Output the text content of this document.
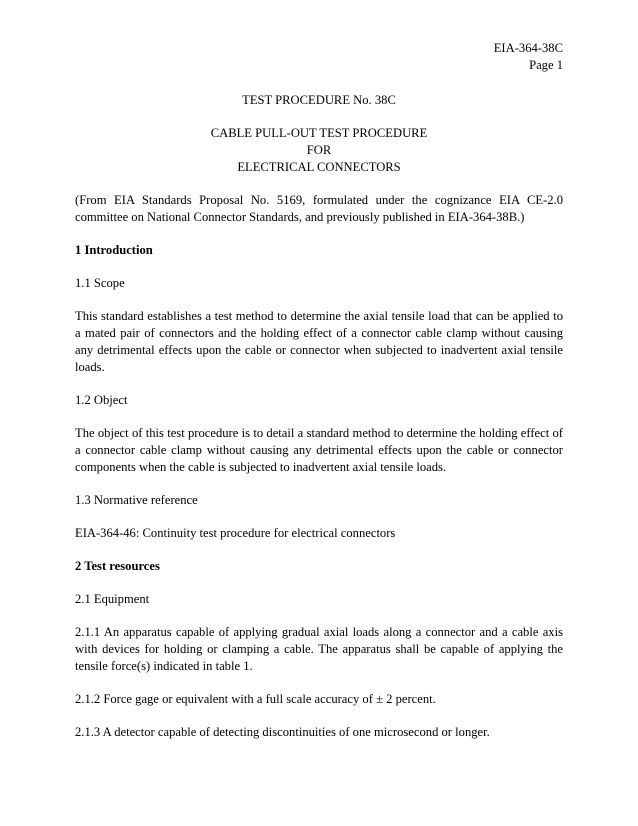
EIA-364-38C
Page 1
TEST PROCEDURE No. 38C
CABLE PULL-OUT TEST PROCEDURE
FOR
ELECTRICAL CONNECTORS

(From EIA Standards Proposal No. 5169, formulated under the cognizance EIA CE-2.0 committee on National Connector Standards, and previously published in EIA-364-38B.)

1 Introduction
1.1 Scope

This standard establishes a test method to determine the axial tensile load that can be applied to a mated pair of connectors and the holding effect of a connector cable clamp without causing any detrimental effects upon the cable or connector when subjected to inadvertent axial tensile loads.

1.2 Object

The object of this test procedure is to detail a standard method to determine the holding effect of a connector cable clamp without causing any detrimental effects upon the cable or connector components when the cable is subjected to inadvertent axial tensile loads.

1.3 Normative reference

EIA-364-46: Continuity test procedure for electrical connectors

2 Test resources
2.1 Equipment

2.1.1 An apparatus capable of applying gradual axial loads along a connector and a cable axis with devices for holding or clamping a cable. The apparatus shall be capable of applying the tensile force(s) indicated in table 1.

2.1.2 Force gage or equivalent with a full scale accuracy of ± 2 percent.

2.1.3 A detector capable of detecting discontinuities of one microsecond or longer.
